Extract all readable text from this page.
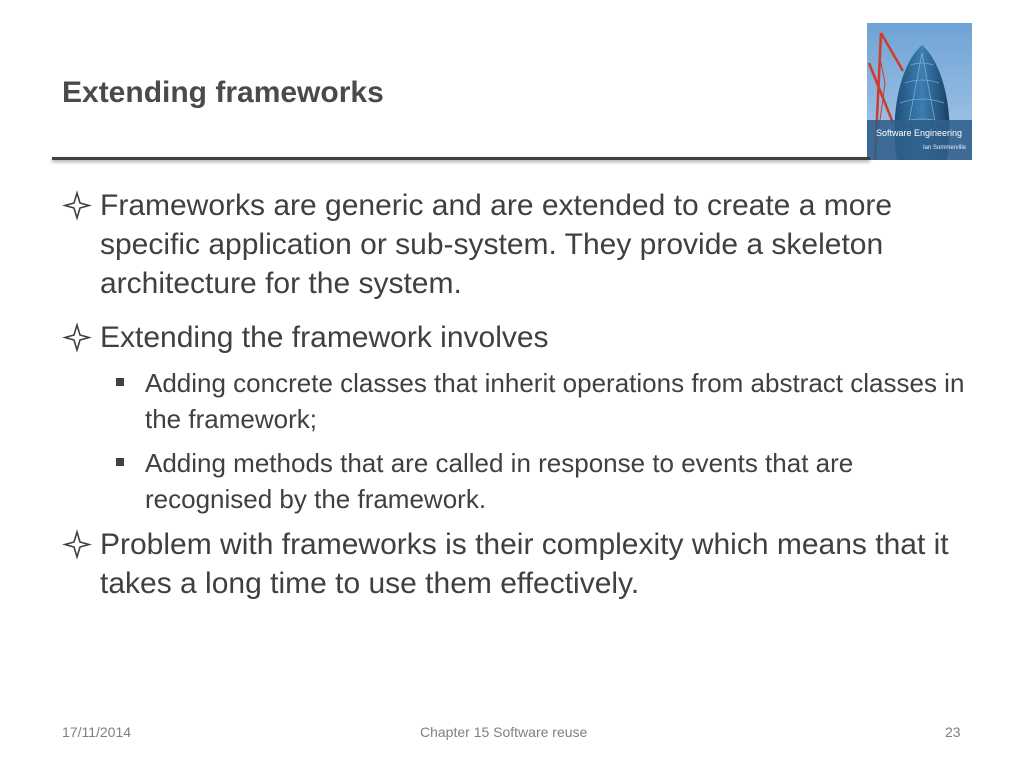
Extending frameworks
Software Engineering
Ian Sommerville
Frameworks are generic and are extended to create a more specific application or sub-system. They provide a skeleton architecture for the system.
Extending the framework involves
Adding concrete classes that inherit operations from abstract classes in the framework;
Adding methods that are called in response to events that are recognised by the framework.
Problem with frameworks is their complexity which means that it takes a long time to use them effectively.
17/11/2014	Chapter 15 Software reuse	23
